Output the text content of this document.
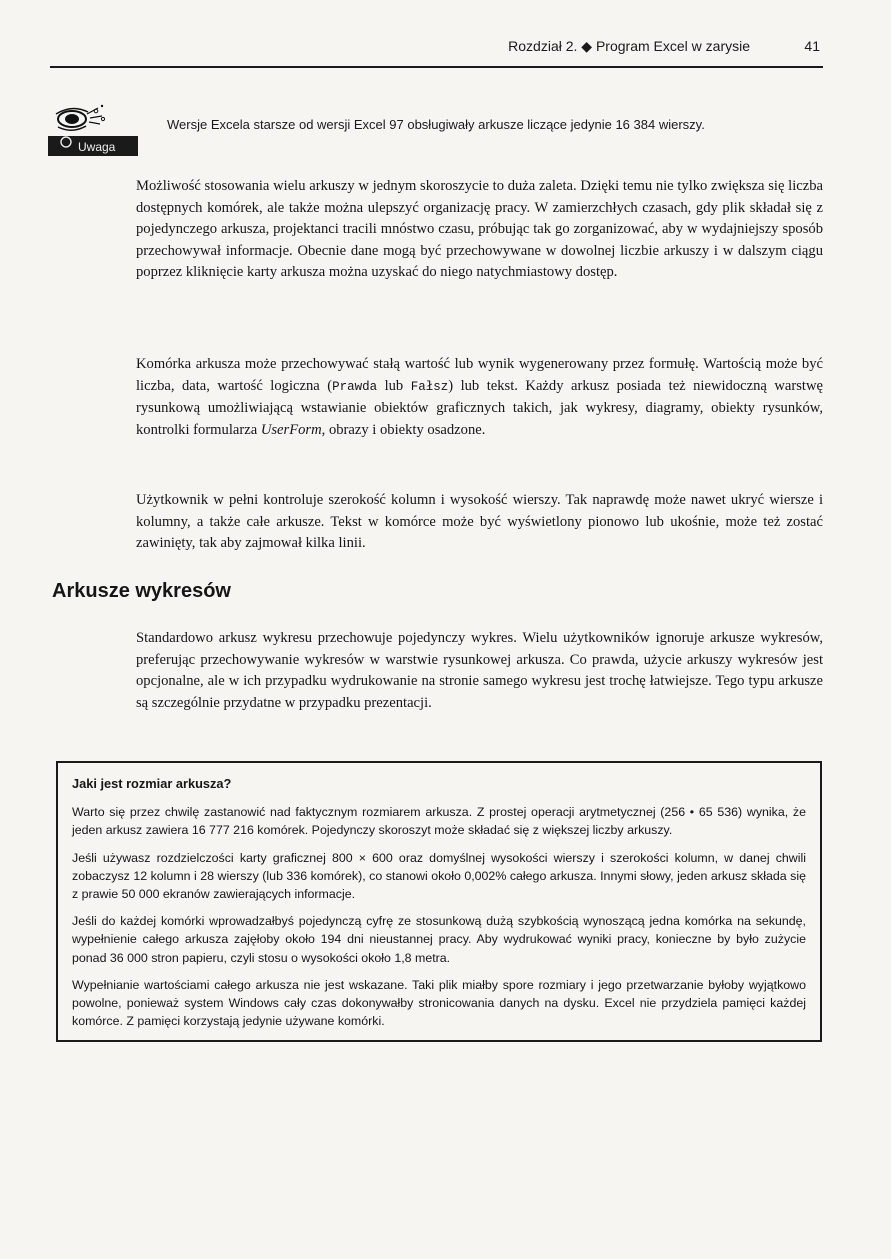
Rozdział 2. ◆ Program Excel w zarysie	41
Uwaga
Wersje Excela starsze od wersji Excel 97 obsługiwały arkusze liczące jedynie 16 384 wierszy.

Możliwość stosowania wielu arkuszy w jednym skoroszycie to duża zaleta. Dzięki temu nie tylko zwiększa się liczba dostępnych komórek, ale także można ulepszyć organizację pracy. W zamierzchłych czasach, gdy plik składał się z pojedynczego arkusza, projektanci tracili mnóstwo czasu, próbując tak go zorganizować, aby w wydajniejszy sposób przechowywał informacje. Obecnie dane mogą być przechowywane w dowolnej liczbie arkuszy i w dalszym ciągu poprzez kliknięcie karty arkusza można uzyskać do niego natychmiastowy dostęp.

Komórka arkusza może przechowywać stałą wartość lub wynik wygenerowany przez formułę. Wartością może być liczba, data, wartość logiczna (Prawda lub Fałsz) lub tekst. Każdy arkusz posiada też niewidoczną warstwę rysunkową umożliwiającą wstawianie obiektów graficznych takich, jak wykresy, diagramy, obiekty rysunków, kontrolki formularza UserForm, obrazy i obiekty osadzone.

Użytkownik w pełni kontroluje szerokość kolumn i wysokość wierszy. Tak naprawdę może nawet ukryć wiersze i kolumny, a także całe arkusze. Tekst w komórce może być wyświetlony pionowo lub ukośnie, może też zostać zawinięty, tak aby zajmował kilka linii.

Arkusze wykresów

Standardowo arkusz wykresu przechowuje pojedynczy wykres. Wielu użytkowników ignoruje arkusze wykresów, preferując przechowywanie wykresów w warstwie rysunkowej arkusza. Co prawda, użycie arkuszy wykresów jest opcjonalne, ale w ich przypadku wydrukowanie na stronie samego wykresu jest trochę łatwiejsze. Tego typu arkusze są szczególnie przydatne w przypadku prezentacji.

Jaki jest rozmiar arkusza?

Warto się przez chwilę zastanowić nad faktycznym rozmiarem arkusza. Z prostej operacji arytmetycznej (256 • 65 536) wynika, że jeden arkusz zawiera 16 777 216 komórek. Pojedynczy skoroszyt może składać się z większej liczby arkuszy.

Jeśli używasz rozdzielczości karty graficznej 800 × 600 oraz domyślnej wysokości wierszy i szerokości kolumn, w danej chwili zobaczysz 12 kolumn i 28 wierszy (lub 336 komórek), co stanowi około 0,002% całego arkusza. Innymi słowy, jeden arkusz składa się z prawie 50 000 ekranów zawierających informacje.

Jeśli do każdej komórki wprowadzałbyś pojedynczą cyfrę ze stosunkową dużą szybkością wynoszącą jedna komórka na sekundę, wypełnienie całego arkusza zajęłoby około 194 dni nieustannej pracy. Aby wydrukować wyniki pracy, konieczne by było zużycie ponad 36 000 stron papieru, czyli stosu o wysokości około 1,8 metra.

Wypełnianie wartościami całego arkusza nie jest wskazane. Taki plik miałby spore rozmiary i jego przetwarzanie byłoby wyjątkowo powolne, ponieważ system Windows cały czas dokonywałby stronicowania danych na dysku. Excel nie przydziela pamięci każdej komórce. Z pamięci korzystają jedynie używane komórki.
